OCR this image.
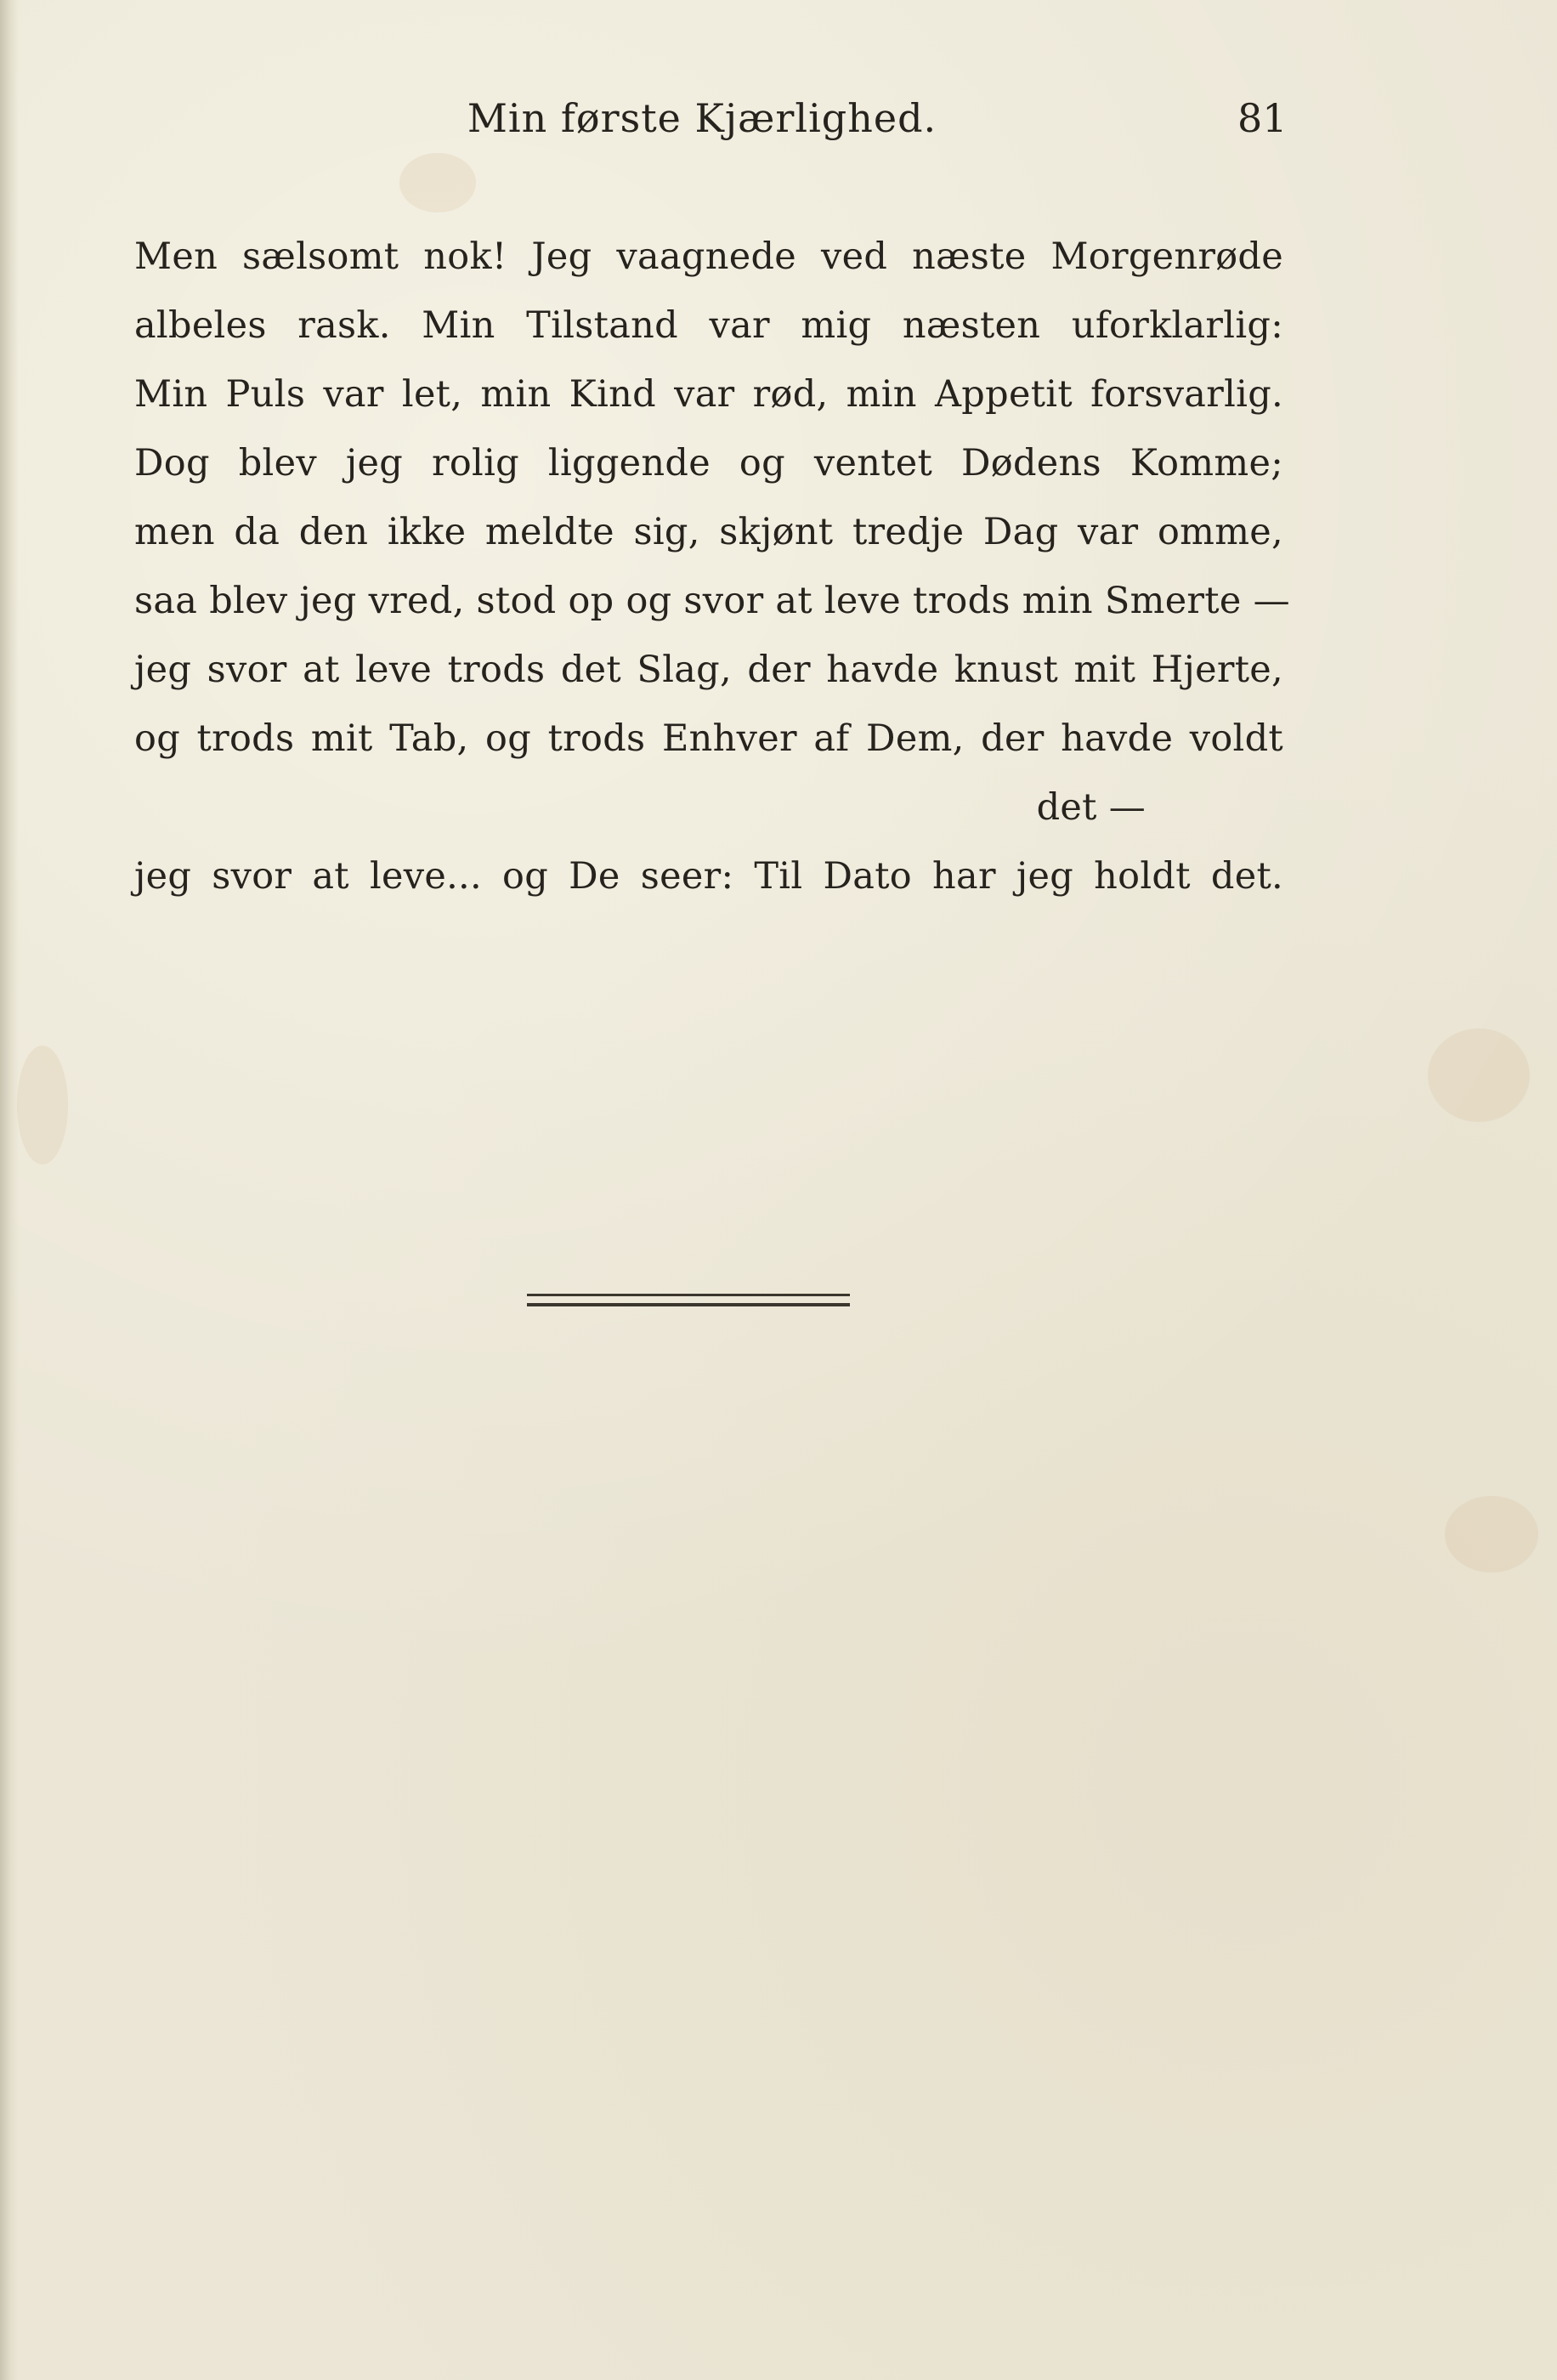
Min første Kjærlighed.	81
Men sælsomt nok! Jeg vaagnede ved næste Morgenrøde
albeles rask. Min Tilstand var mig næsten uforklarlig:
Min Puls var let, min Kind var rød, min Appetit forsvarlig.
Dog blev jeg rolig liggende og ventet Dødens Komme;
men da den ikke meldte sig, skjønt tredje Dag var omme,
saa blev jeg vred, stod op og svor at leve trods min Smerte —
jeg svor at leve trods det Slag, der havde knust mit Hjerte,
og trods mit Tab, og trods Enhver af Dem, der havde voldt
det —
jeg svor at leve... og De seer: Til Dato har jeg holdt det.
